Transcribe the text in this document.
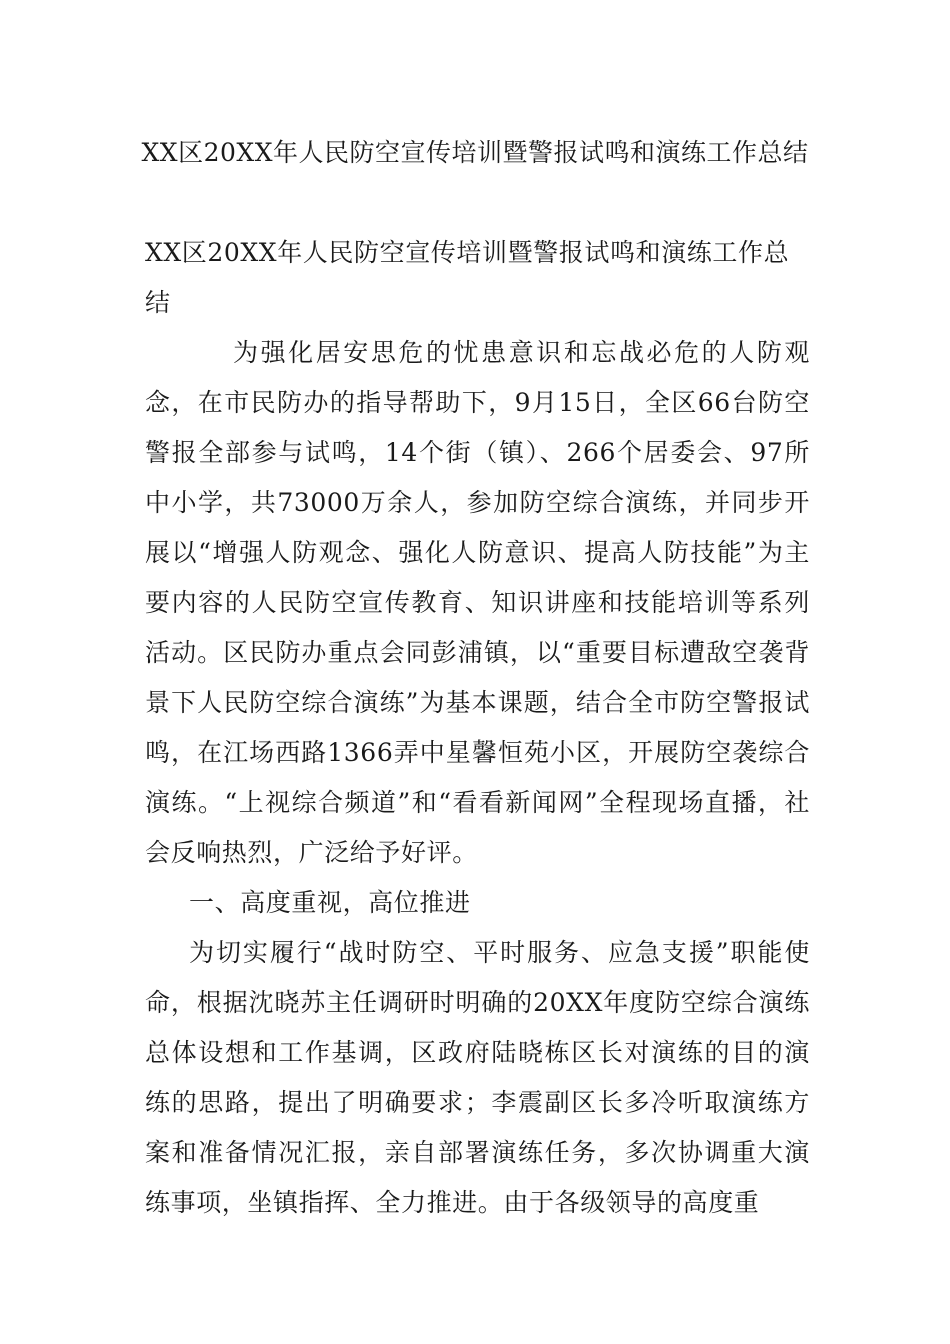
XX区20XX年人民防空宣传培训暨警报试鸣和演练工作总结

XX区20XX年人民防空宣传培训暨警报试鸣和演练工作总结

为强化居安思危的忧患意识和忘战必危的人防观念，在市民防办的指导帮助下，9月15日，全区66台防空警报全部参与试鸣，14个街（镇）、266个居委会、97所中小学，共73000万余人，参加防空综合演练，并同步开展以“增强人防观念、强化人防意识、提高人防技能”为主要内容的人民防空宣传教育、知识讲座和技能培训等系列活动。区民防办重点会同彭浦镇，以“重要目标遭敌空袭背景下人民防空综合演练”为基本课题，结合全市防空警报试鸣，在江场西路1366弄中星馨恒苑小区，开展防空袭综合演练。“上视综合频道”和“看看新闻网”全程现场直播，社会反响热烈，广泛给予好评。

一、高度重视，高位推进

为切实履行“战时防空、平时服务、应急支援”职能使命，根据沈晓苏主任调研时明确的20XX年度防空综合演练总体设想和工作基调，区政府陆晓栋区长对演练的目的演练的思路，提出了明确要求；李震副区长多冷听取演练方案和准备情况汇报，亲自部署演练任务，多次协调重大演练事项，坐镇指挥、全力推进。由于各级领导的高度重
